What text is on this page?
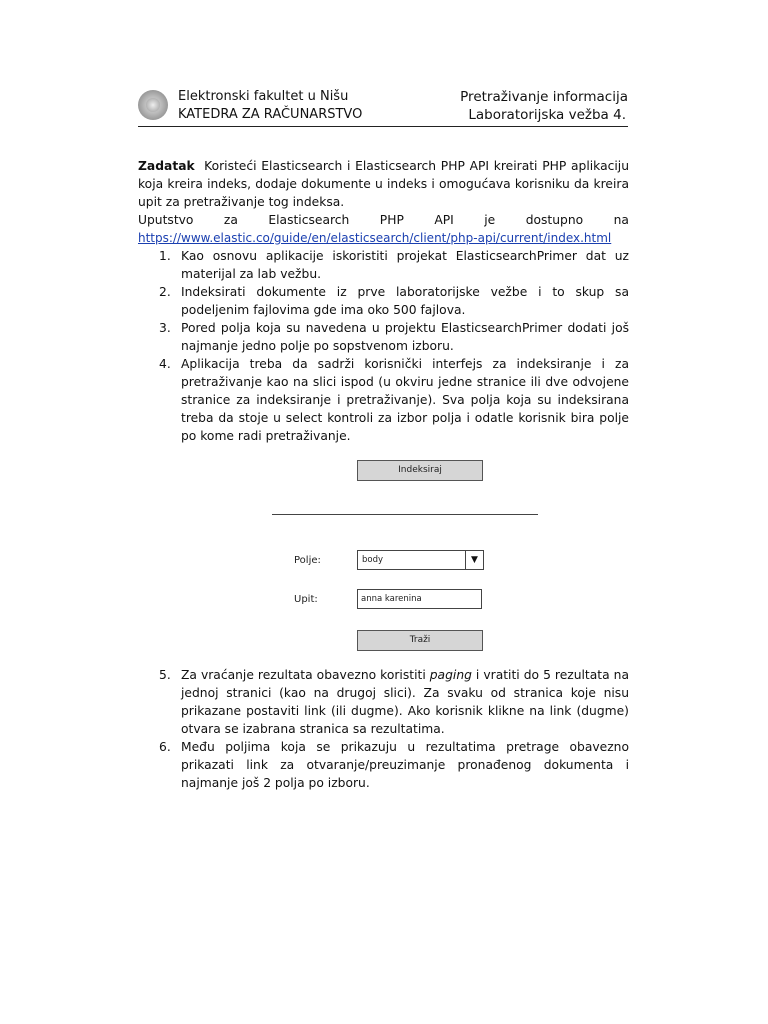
Elektronski fakultet u Nišu
KATEDRA ZA RAČUNARSTVO
Pretraživanje informacija
Laboratorijska vežba 4.

Zadatak Koristeći Elasticsearch i Elasticsearch PHP API kreirati PHP aplikaciju koja kreira indeks, dodaje dokumente u indeks i omogućava korisniku da kreira upit za pretraživanje tog indeksa.

Uputstvo za Elasticsearch PHP API je dostupno na
https://www.elastic.co/guide/en/elasticsearch/client/php-api/current/index.html
1. Kao osnovu aplikacije iskoristiti projekat ElasticsearchPrimer dat uz materijal za lab vežbu.
2. Indeksirati dokumente iz prve laboratorijske vežbe i to skup sa podeljenim fajlovima gde ima oko 500 fajlova.
3. Pored polja koja su navedena u projektu ElasticsearchPrimer dodati još najmanje jedno polje po sopstvenom izboru.
4. Aplikacija treba da sadrži korisnički interfejs za indeksiranje i za pretraživanje kao na slici ispod (u okviru jedne stranice ili dve odvojene stranice za indeksiranje i pretraživanje). Sva polja koja su indeksirana treba da stoje u select kontroli za izbor polja i odatle korisnik bira polje po kome radi pretraživanje.
Indeksiraj
Polje:	body	▼
Upit:	anna karenina
Traži
5. Za vraćanje rezultata obavezno koristiti paging i vratiti do 5 rezultata na jednoj stranici (kao na drugoj slici). Za svaku od stranica koje nisu prikazane postaviti link (ili dugme). Ako korisnik klikne na link (dugme) otvara se izabrana stranica sa rezultatima.
6. Među poljima koja se prikazuju u rezultatima pretrage obavezno prikazati link za otvaranje/preuzimanje pronađenog dokumenta i najmanje još 2 polja po izboru.
